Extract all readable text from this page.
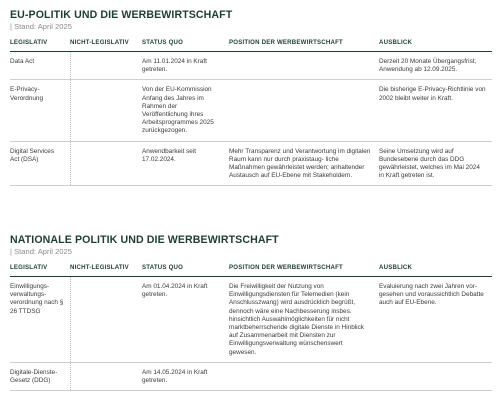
EU-POLITIK UND DIE WERBEWIRTSCHAFT
| Stand: April 2025
LEGISLATIV	NICHT-LEGISLATIV	STATUS QUO	POSITION DER WERBEWIRTSCHAFT	AUSBLICK
Data Act		Am 11.01.2024 in Kraft getreten.		Derzeit 20 Monate Übergangsfrist; Anwendung ab 12.09.2025.
E-Privacy-Verordnung		Von der EU-Kommission Anfang des Jahres im Rahmen der Veröffentlichung ihres Arbeitsprogrammes 2025 zurückgezogen.		Die bisherige E-Privacy-Richtlinie von 2002 bleibt weiter in Kraft.
Digital Services Act (DSA)		Anwendbarkeit seit 17.02.2024.	Mehr Transparenz und Verantwortung im digitalen Raum kann nur durch praxistaug- liche Maßnahmen gewährleistet werden; anhaltender Austausch auf EU-Ebene mit Stakeholdern.	Seine Umsetzung wird auf Bundesebene durch das DDG gewährleistet, welches im Mai 2024 in Kraft getreten ist.
NATIONALE POLITIK UND DIE WERBEWIRTSCHAFT
| Stand: April 2025
LEGISLATIV	NICHT-LEGISLATIV	STATUS QUO	POSITION DER WERBEWIRTSCHAFT	AUSBLICK
Einwilligungs-verwaltungs-verordnung nach § 26 TTDSG		Am 01.04.2024 in Kraft getreten.	Die Freiwilligkeit der Nutzung von Einwilligungsdiensten für Telemedien (kein Anschlusszwang) wird ausdrücklich begrüßt, dennoch wäre eine Nachbesserung insbes. hinsichtlich Auswahlmöglichkeiten für nicht marktbeherrschende digitale Dienste in Hinblick auf Zusammenarbeit mit Diensten zur Einwilligungsverwaltung wünschenswert gewesen.	Evaluierung nach zwei Jahren vor- gesehen und voraussichtlich Debatte auch auf EU-Ebene.
Digitale-Dienste-Gesetz (DDG)		Am 14.05.2024 in Kraft getreten.		
